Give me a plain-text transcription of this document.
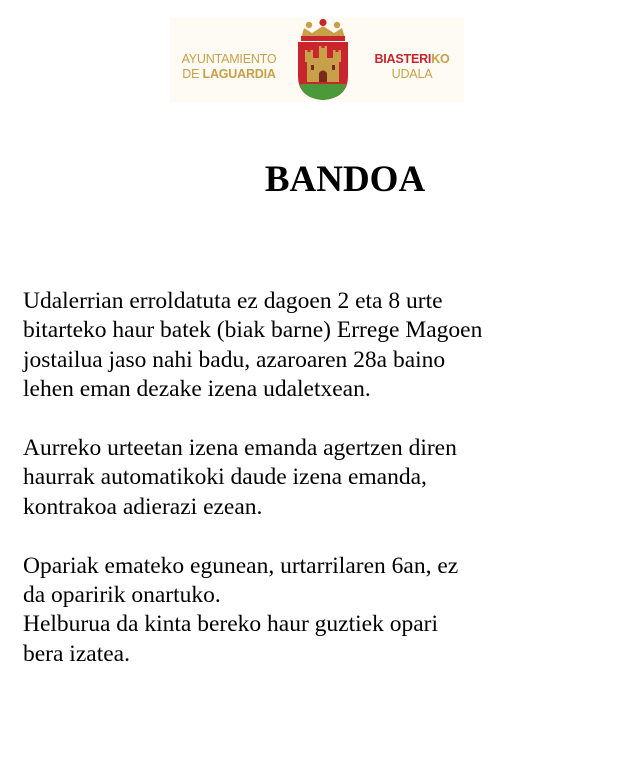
AYUNTAMIENTO
DE LAGUARDIA
BIASTERIKO
UDALA
BANDOA

Udalerrian erroldatuta ez dagoen 2 eta 8 urte
bitarteko haur batek (biak barne) Errege Magoen
jostailua jaso nahi badu, azaroaren 28a baino
lehen eman dezake izena udaletxean.

Aurreko urteetan izena emanda agertzen diren
haurrak automatikoki daude izena emanda,
kontrakoa adierazi ezean.

Opariak emateko egunean, urtarrilaren 6an, ez
da oparirik onartuko.
Helburua da kinta bereko haur guztiek opari
bera izatea.
